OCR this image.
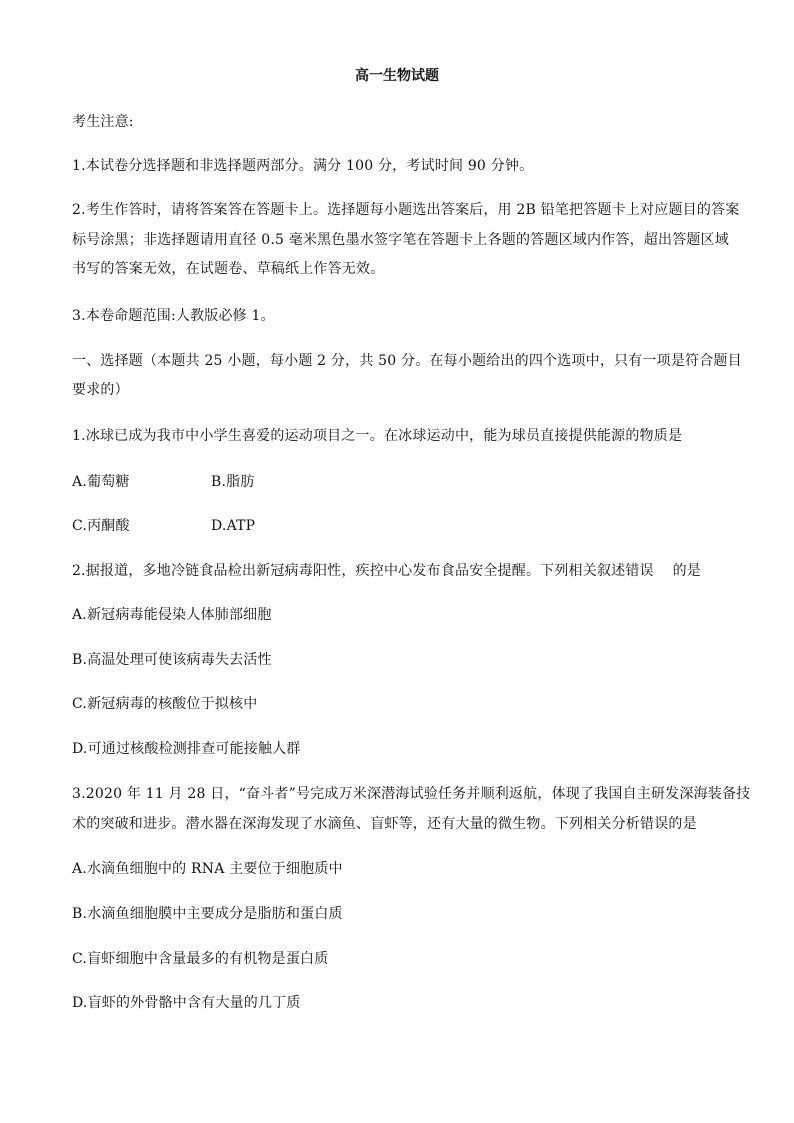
高一生物试题
考生注意:
1.本试卷分选择题和非选择题两部分。满分 100 分，考试时间 90 分钟。
2.考生作答时，请将答案答在答题卡上。选择题每小题选出答案后，用 2B 铅笔把答题卡上对应题目的答案
标号涂黑；非选择题请用直径 0.5 毫米黑色墨水签字笔在答题卡上各题的答题区域内作答，超出答题区域
书写的答案无效，在试题卷、草稿纸上作答无效。
3.本卷命题范围:人教版必修 1。
一、选择题（本题共 25 小题，每小题 2 分，共 50 分。在每小题给出的四个选项中，只有一项是符合题目
要求的）
1.冰球已成为我市中小学生喜爱的运动项目之一。在冰球运动中，能为球员直接提供能源的物质是
A.葡萄糖	B.脂肪
C.丙酮酸	D.ATP
2.据报道，多地冷链食品检出新冠病毒阳性，疾控中心发布食品安全提醒。下列相关叙述错误　 的是
A.新冠病毒能侵染人体肺部细胞
B.高温处理可使该病毒失去活性
C.新冠病毒的核酸位于拟核中
D.可通过核酸检测排查可能接触人群
3.2020 年 11 月 28 日，“奋斗者”号完成万米深潜海试验任务并顺利返航，体现了我国自主研发深海装备技
术的突破和进步。潜水器在深海发现了水滴鱼、盲虾等，还有大量的微生物。下列相关分析错误的是
A.水滴鱼细胞中的 RNA 主要位于细胞质中
B.水滴鱼细胞膜中主要成分是脂肪和蛋白质
C.盲虾细胞中含量最多的有机物是蛋白质
D.盲虾的外骨骼中含有大量的几丁质
